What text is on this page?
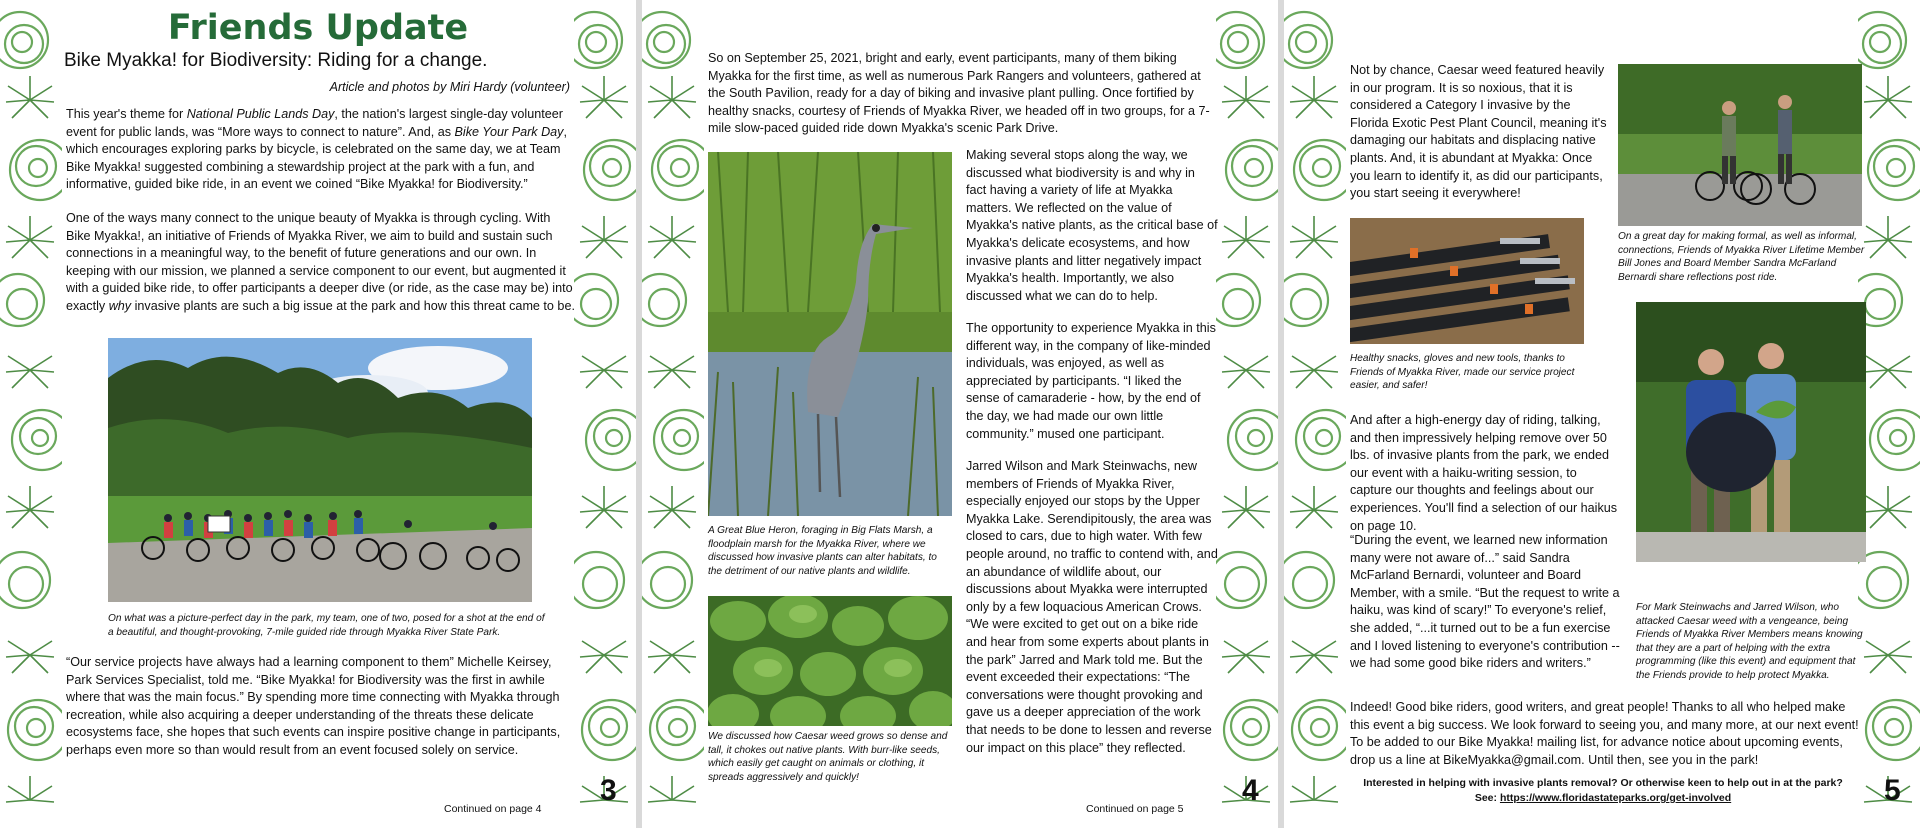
Friends Update
Bike Myakka! for Biodiversity: Riding for a change.
Article and photos by Miri Hardy (volunteer)
This year's theme for National Public Lands Day, the nation's largest single-day volunteer event for public lands, was “More ways to connect to nature”. And, as Bike Your Park Day, which encourages exploring parks by bicycle, is celebrated on the same day, we at Team Bike Myakka! suggested combining a stewardship project at the park with a fun, and informative, guided bike ride, in an event we coined “Bike Myakka! for Biodiversity.”
One of the ways many connect to the unique beauty of Myakka is through cycling. With Bike Myakka!, an initiative of Friends of Myakka River, we aim to build and sustain such connections in a meaningful way, to the benefit of future generations and our own. In keeping with our mission, we planned a service component to our event, but augmented it with a guided bike ride, to offer participants a deeper dive (or ride, as the case may be) into exactly why invasive plants are such a big issue at the park and how this threat came to be.
On what was a picture-perfect day in the park, my team, one of two, posed for a shot at the end of a beautiful, and thought-provoking, 7-mile guided ride through Myakka River State Park.
“Our service projects have always had a learning component to them” Michelle Keirsey, Park Services Specialist, told me. “Bike Myakka! for Biodiversity was the first in awhile where that was the main focus.” By spending more time connecting with Myakka through recreation, while also acquiring a deeper understanding of the threats these delicate ecosystems face, she hopes that such events can inspire positive change in participants, perhaps even more so than would result from an event focused solely on service.
Continued on page 4
3
So on September 25, 2021, bright and early, event participants, many of them biking Myakka for the first time, as well as numerous Park Rangers and volunteers, gathered at the South Pavilion, ready for a day of biking and invasive plant pulling. Once fortified by healthy snacks, courtesy of Friends of Myakka River, we headed off in two groups, for a 7-mile slow-paced guided ride down Myakka's scenic Park Drive.
A Great Blue Heron, foraging in Big Flats Marsh, a floodplain marsh for the Myakka River, where we discussed how invasive plants can alter habitats, to the detriment of our native plants and wildlife.
We discussed how Caesar weed grows so dense and tall, it chokes out native plants. With burr-like seeds, which easily get caught on animals or clothing, it spreads aggressively and quickly!
Making several stops along the way, we discussed what biodiversity is and why in fact having a variety of life at Myakka matters. We reflected on the value of Myakka's native plants, as the critical base of Myakka's delicate ecosystems, and how invasive plants and litter negatively impact Myakka's health. Importantly, we also discussed what we can do to help.
The opportunity to experience Myakka in this different way, in the company of like-minded individuals, was enjoyed, as well as appreciated by participants. “I liked the sense of camaraderie - how, by the end of the day, we had made our own little community.” mused one participant.
Jarred Wilson and Mark Steinwachs, new members of Friends of Myakka River, especially enjoyed our stops by the Upper Myakka Lake. Serendipitously, the area was closed to cars, due to high water. With few people around, no traffic to contend with, and an abundance of wildlife about, our discussions about Myakka were interrupted only by a few loquacious American Crows. “We were excited to get out on a bike ride and hear from some experts about plants in the park” Jarred and Mark told me. But the event exceeded their expectations: “The conversations were thought provoking and gave us a deeper appreciation of the work that needs to be done to lessen and reverse our impact on this place” they reflected.
Continued on page 5
4
Not by chance, Caesar weed featured heavily in our program. It is so noxious, that it is considered a Category I invasive by the Florida Exotic Pest Plant Council, meaning it's damaging our habitats and displacing native plants. And, it is abundant at Myakka: Once you learn to identify it, as did our participants, you start seeing it everywhere!
On a great day for making formal, as well as informal, connections, Friends of Myakka River Lifetime Member Bill Jones and Board Member Sandra McFarland Bernardi share reflections post ride.
Healthy snacks, gloves and new tools, thanks to Friends of Myakka River, made our service project easier, and safer!
For Mark Steinwachs and Jarred Wilson, who attacked Caesar weed with a vengeance, being Friends of Myakka River Members means knowing that they are a part of helping with the extra programming (like this event) and equipment that the Friends provide to help protect Myakka.
And after a high-energy day of riding, talking, and then impressively helping remove over 50 lbs. of invasive plants from the park, we ended our event with a haiku-writing session, to capture our thoughts and feelings about our experiences. You'll find a selection of our haikus on page 10.
“During the event, we learned new information many were not aware of...” said Sandra McFarland Bernardi, volunteer and Board Member, with a smile. “But the request to write a haiku, was kind of scary!” To everyone's relief, she added, “...it turned out to be a fun exercise and I loved listening to everyone's contribution -- we had some good bike riders and writers.”
Indeed! Good bike riders, good writers, and great people! Thanks to all who helped make this event a big success. We look forward to seeing you, and many more, at our next event! To be added to our Bike Myakka! mailing list, for advance notice about upcoming events, drop us a line at BikeMyakka@gmail.com. Until then, see you in the park!
Interested in helping with invasive plants removal? Or otherwise keen to help out in at the park?
See: https://www.floridastateparks.org/get-involved	5
